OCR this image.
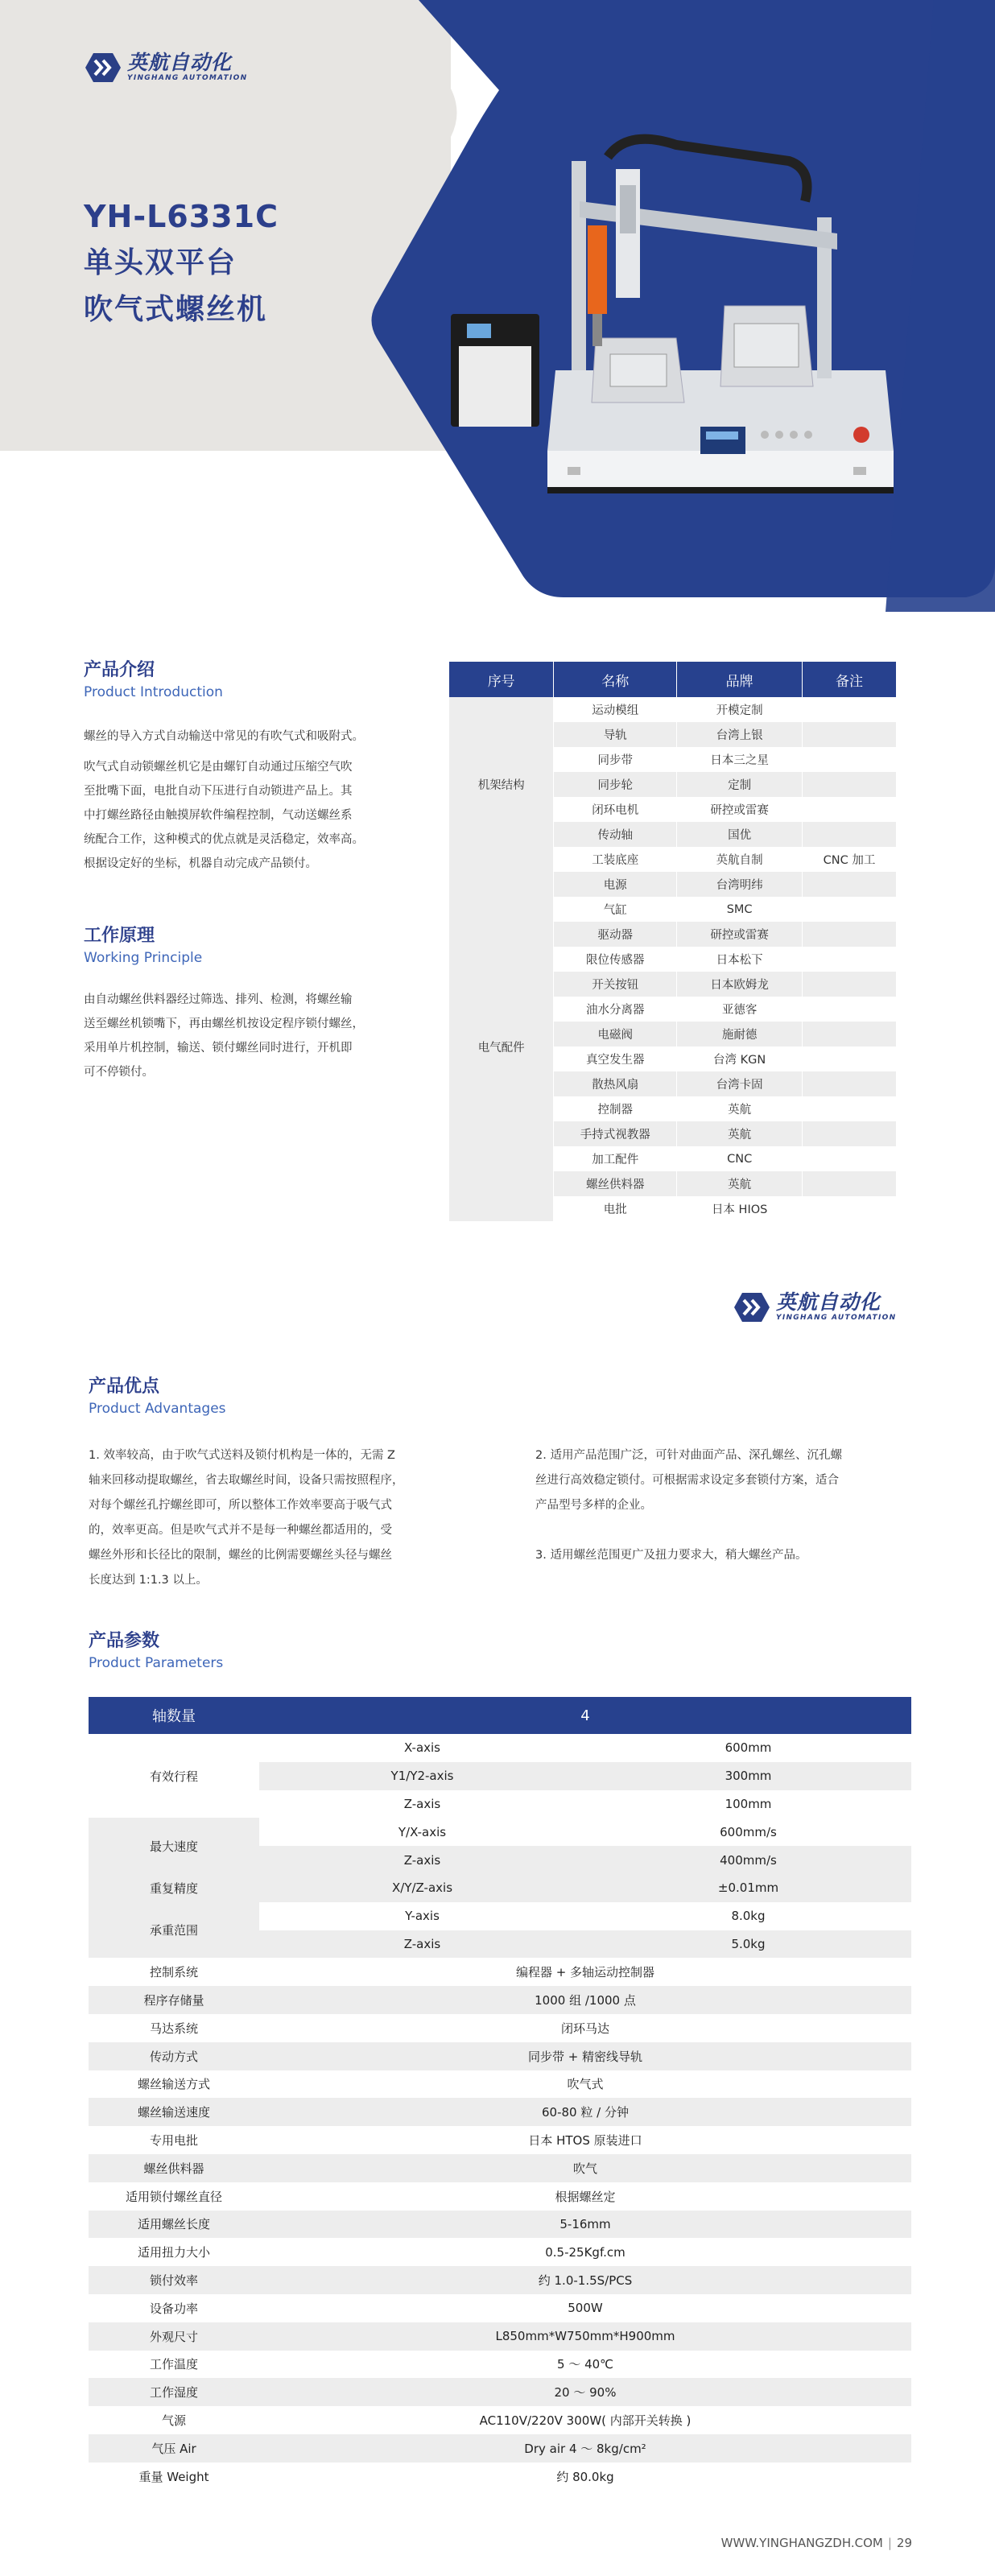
英航自动化
YINGHANG AUTOMATION
YH-L6331C
单头双平台
吹气式螺丝机
产品介绍
Product Introduction

螺丝的导入方式自动输送中常见的有吹气式和吸附式。

吹气式自动锁螺丝机它是由螺钉自动通过压缩空气吹

至批嘴下面，电批自动下压进行自动锁进产品上。其

中打螺丝路径由触摸屏软件编程控制，气动送螺丝系

统配合工作，这种模式的优点就是灵活稳定，效率高。

根据设定好的坐标，机器自动完成产品锁付。

工作原理
Working Principle

由自动螺丝供料器经过筛选、排列、检测，将螺丝输

送至螺丝机锁嘴下，再由螺丝机按设定程序锁付螺丝，

采用单片机控制，输送、锁付螺丝同时进行，开机即

可不停锁付。

序号	名称	品牌	备注
机架结构	运动模组	开模定制	
	导轨	台湾上银	
	同步带	日本三之星	
	同步轮	定制	
	闭环电机	研控或雷赛	
	传动轴	国优	
	工装底座	英航自制	CNC 加工
电气配件	电源	台湾明纬	
	气缸	SMC	
	驱动器	研控或雷赛	
	限位传感器	日本松下	
	开关按钮	日本欧姆龙	
	油水分离器	亚德客	
	电磁阀	施耐德	
	真空发生器	台湾 KGN	
	散热风扇	台湾卡固	
	控制器	英航	
	手持式视教器	英航	
	加工配件	CNC	
	螺丝供料器	英航	
	电批	日本 HIOS	
英航自动化
YINGHANG AUTOMATION
产品优点
Product Advantages
1. 效率较高，由于吹气式送料及锁付机构是一体的，无需 Z
轴来回移动提取螺丝，省去取螺丝时间，设备只需按照程序，
对每个螺丝孔拧螺丝即可，所以整体工作效率要高于吸气式
的，效率更高。但是吹气式并不是每一种螺丝都适用的，受
螺丝外形和长径比的限制，螺丝的比例需要螺丝头径与螺丝
长度达到 1:1.3 以上。
2. 适用产品范围广泛，可针对曲面产品、深孔螺丝、沉孔螺
丝进行高效稳定锁付。可根据需求设定多套锁付方案，适合
产品型号多样的企业。
3. 适用螺丝范围更广及扭力要求大，稍大螺丝产品。
产品参数
Product Parameters
轴数量	4	
有效行程	X-axis	600mm
	Y1/Y2-axis	300mm
	Z-axis	100mm
最大速度	Y/X-axis	600mm/s
	Z-axis	400mm/s
重复精度	X/Y/Z-axis	±0.01mm
承重范围	Y-axis	8.0kg
	Z-axis	5.0kg
控制系统	编程器 + 多轴运动控制器	
程序存储量	1000 组 /1000 点	
马达系统	闭环马达	
传动方式	同步带 + 精密线导轨	
螺丝输送方式	吹气式	
螺丝输送速度	60-80 粒 / 分钟	
专用电批	日本 HTOS 原装进口	
螺丝供料器	吹气	
适用锁付螺丝直径	根据螺丝定	
适用螺丝长度	5-16mm	
适用扭力大小	0.5-25Kgf.cm	
锁付效率	约 1.0-1.5S/PCS	
设备功率	500W	
外观尺寸	L850mm*W750mm*H900mm	
工作温度	5 ～ 40℃	
工作湿度	20 ～ 90%	
气源	AC110V/220V 300W( 内部开关转换 )	
气压 Air	Dry air 4 ～ 8kg/cm²	
重量 Weight	约 80.0kg	
WWW.YINGHANGZDH.COM | 29
